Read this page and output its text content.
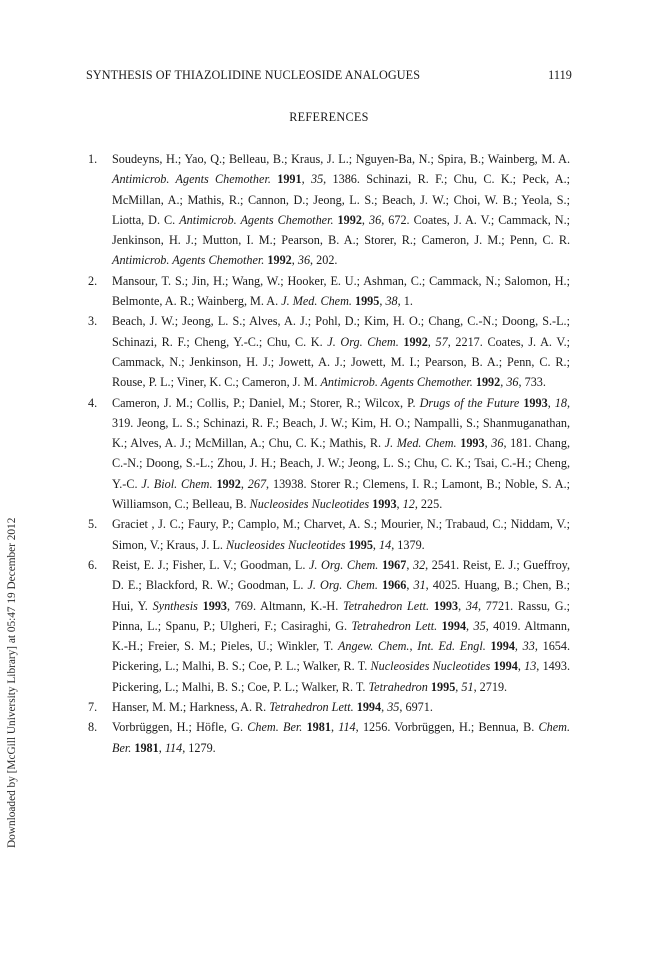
Downloaded by [McGill University Library] at 05:47 19 December 2012
SYNTHESIS OF THIAZOLIDINE NUCLEOSIDE ANALOGUES	1119
REFERENCES
1. Soudeyns, H.; Yao, Q.; Belleau, B.; Kraus, J. L.; Nguyen-Ba, N.; Spira, B.; Wainberg, M. A. Antimicrob. Agents Chemother. 1991, 35, 1386. Schinazi, R. F.; Chu, C. K.; Peck, A.; McMillan, A.; Mathis, R.; Cannon, D.; Jeong, L. S.; Beach, J. W.; Choi, W. B.; Yeola, S.; Liotta, D. C. Antimicrob. Agents Chemother. 1992, 36, 672. Coates, J. A. V.; Cammack, N.; Jenkinson, H. J.; Mutton, I. M.; Pearson, B. A.; Storer, R.; Cameron, J. M.; Penn, C. R. Antimicrob. Agents Chemother. 1992, 36, 202.
2. Mansour, T. S.; Jin, H.; Wang, W.; Hooker, E. U.; Ashman, C.; Cammack, N.; Salomon, H.; Belmonte, A. R.; Wainberg, M. A. J. Med. Chem. 1995, 38, 1.
3. Beach, J. W.; Jeong, L. S.; Alves, A. J.; Pohl, D.; Kim, H. O.; Chang, C.-N.; Doong, S.-L.; Schinazi, R. F.; Cheng, Y.-C.; Chu, C. K. J. Org. Chem. 1992, 57, 2217. Coates, J. A. V.; Cammack, N.; Jenkinson, H. J.; Jowett, A. J.; Jowett, M. I.; Pearson, B. A.; Penn, C. R.; Rouse, P. L.; Viner, K. C.; Cameron, J. M. Antimicrob. Agents Chemother. 1992, 36, 733.
4. Cameron, J. M.; Collis, P.; Daniel, M.; Storer, R.; Wilcox, P. Drugs of the Future 1993, 18, 319. Jeong, L. S.; Schinazi, R. F.; Beach, J. W.; Kim, H. O.; Nampalli, S.; Shanmuganathan, K.; Alves, A. J.; McMillan, A.; Chu, C. K.; Mathis, R. J. Med. Chem. 1993, 36, 181. Chang, C.-N.; Doong, S.-L.; Zhou, J. H.; Beach, J. W.; Jeong, L. S.; Chu, C. K.; Tsai, C.-H.; Cheng, Y.-C. J. Biol. Chem. 1992, 267, 13938. Storer R.; Clemens, I. R.; Lamont, B.; Noble, S. A.; Williamson, C.; Belleau, B. Nucleosides Nucleotides 1993, 12, 225.
5. Graciet , J. C.; Faury, P.; Camplo, M.; Charvet, A. S.; Mourier, N.; Trabaud, C.; Niddam, V.; Simon, V.; Kraus, J. L. Nucleosides Nucleotides 1995, 14, 1379.
6. Reist, E. J.; Fisher, L. V.; Goodman, L. J. Org. Chem. 1967, 32, 2541. Reist, E. J.; Gueffroy, D. E.; Blackford, R. W.; Goodman, L. J. Org. Chem. 1966, 31, 4025. Huang, B.; Chen, B.; Hui, Y. Synthesis 1993, 769. Altmann, K.-H. Tetrahedron Lett. 1993, 34, 7721. Rassu, G.; Pinna, L.; Spanu, P.; Ulgheri, F.; Casiraghi, G. Tetrahedron Lett. 1994, 35, 4019. Altmann, K.-H.; Freier, S. M.; Pieles, U.; Winkler, T. Angew. Chem., Int. Ed. Engl. 1994, 33, 1654. Pickering, L.; Malhi, B. S.; Coe, P. L.; Walker, R. T. Nucleosides Nucleotides 1994, 13, 1493. Pickering, L.; Malhi, B. S.; Coe, P. L.; Walker, R. T. Tetrahedron 1995, 51, 2719.
7. Hanser, M. M.; Harkness, A. R. Tetrahedron Lett. 1994, 35, 6971.
8. Vorbrüggen, H.; Höfle, G. Chem. Ber. 1981, 114, 1256. Vorbrüggen, H.; Bennua, B. Chem. Ber. 1981, 114, 1279.
